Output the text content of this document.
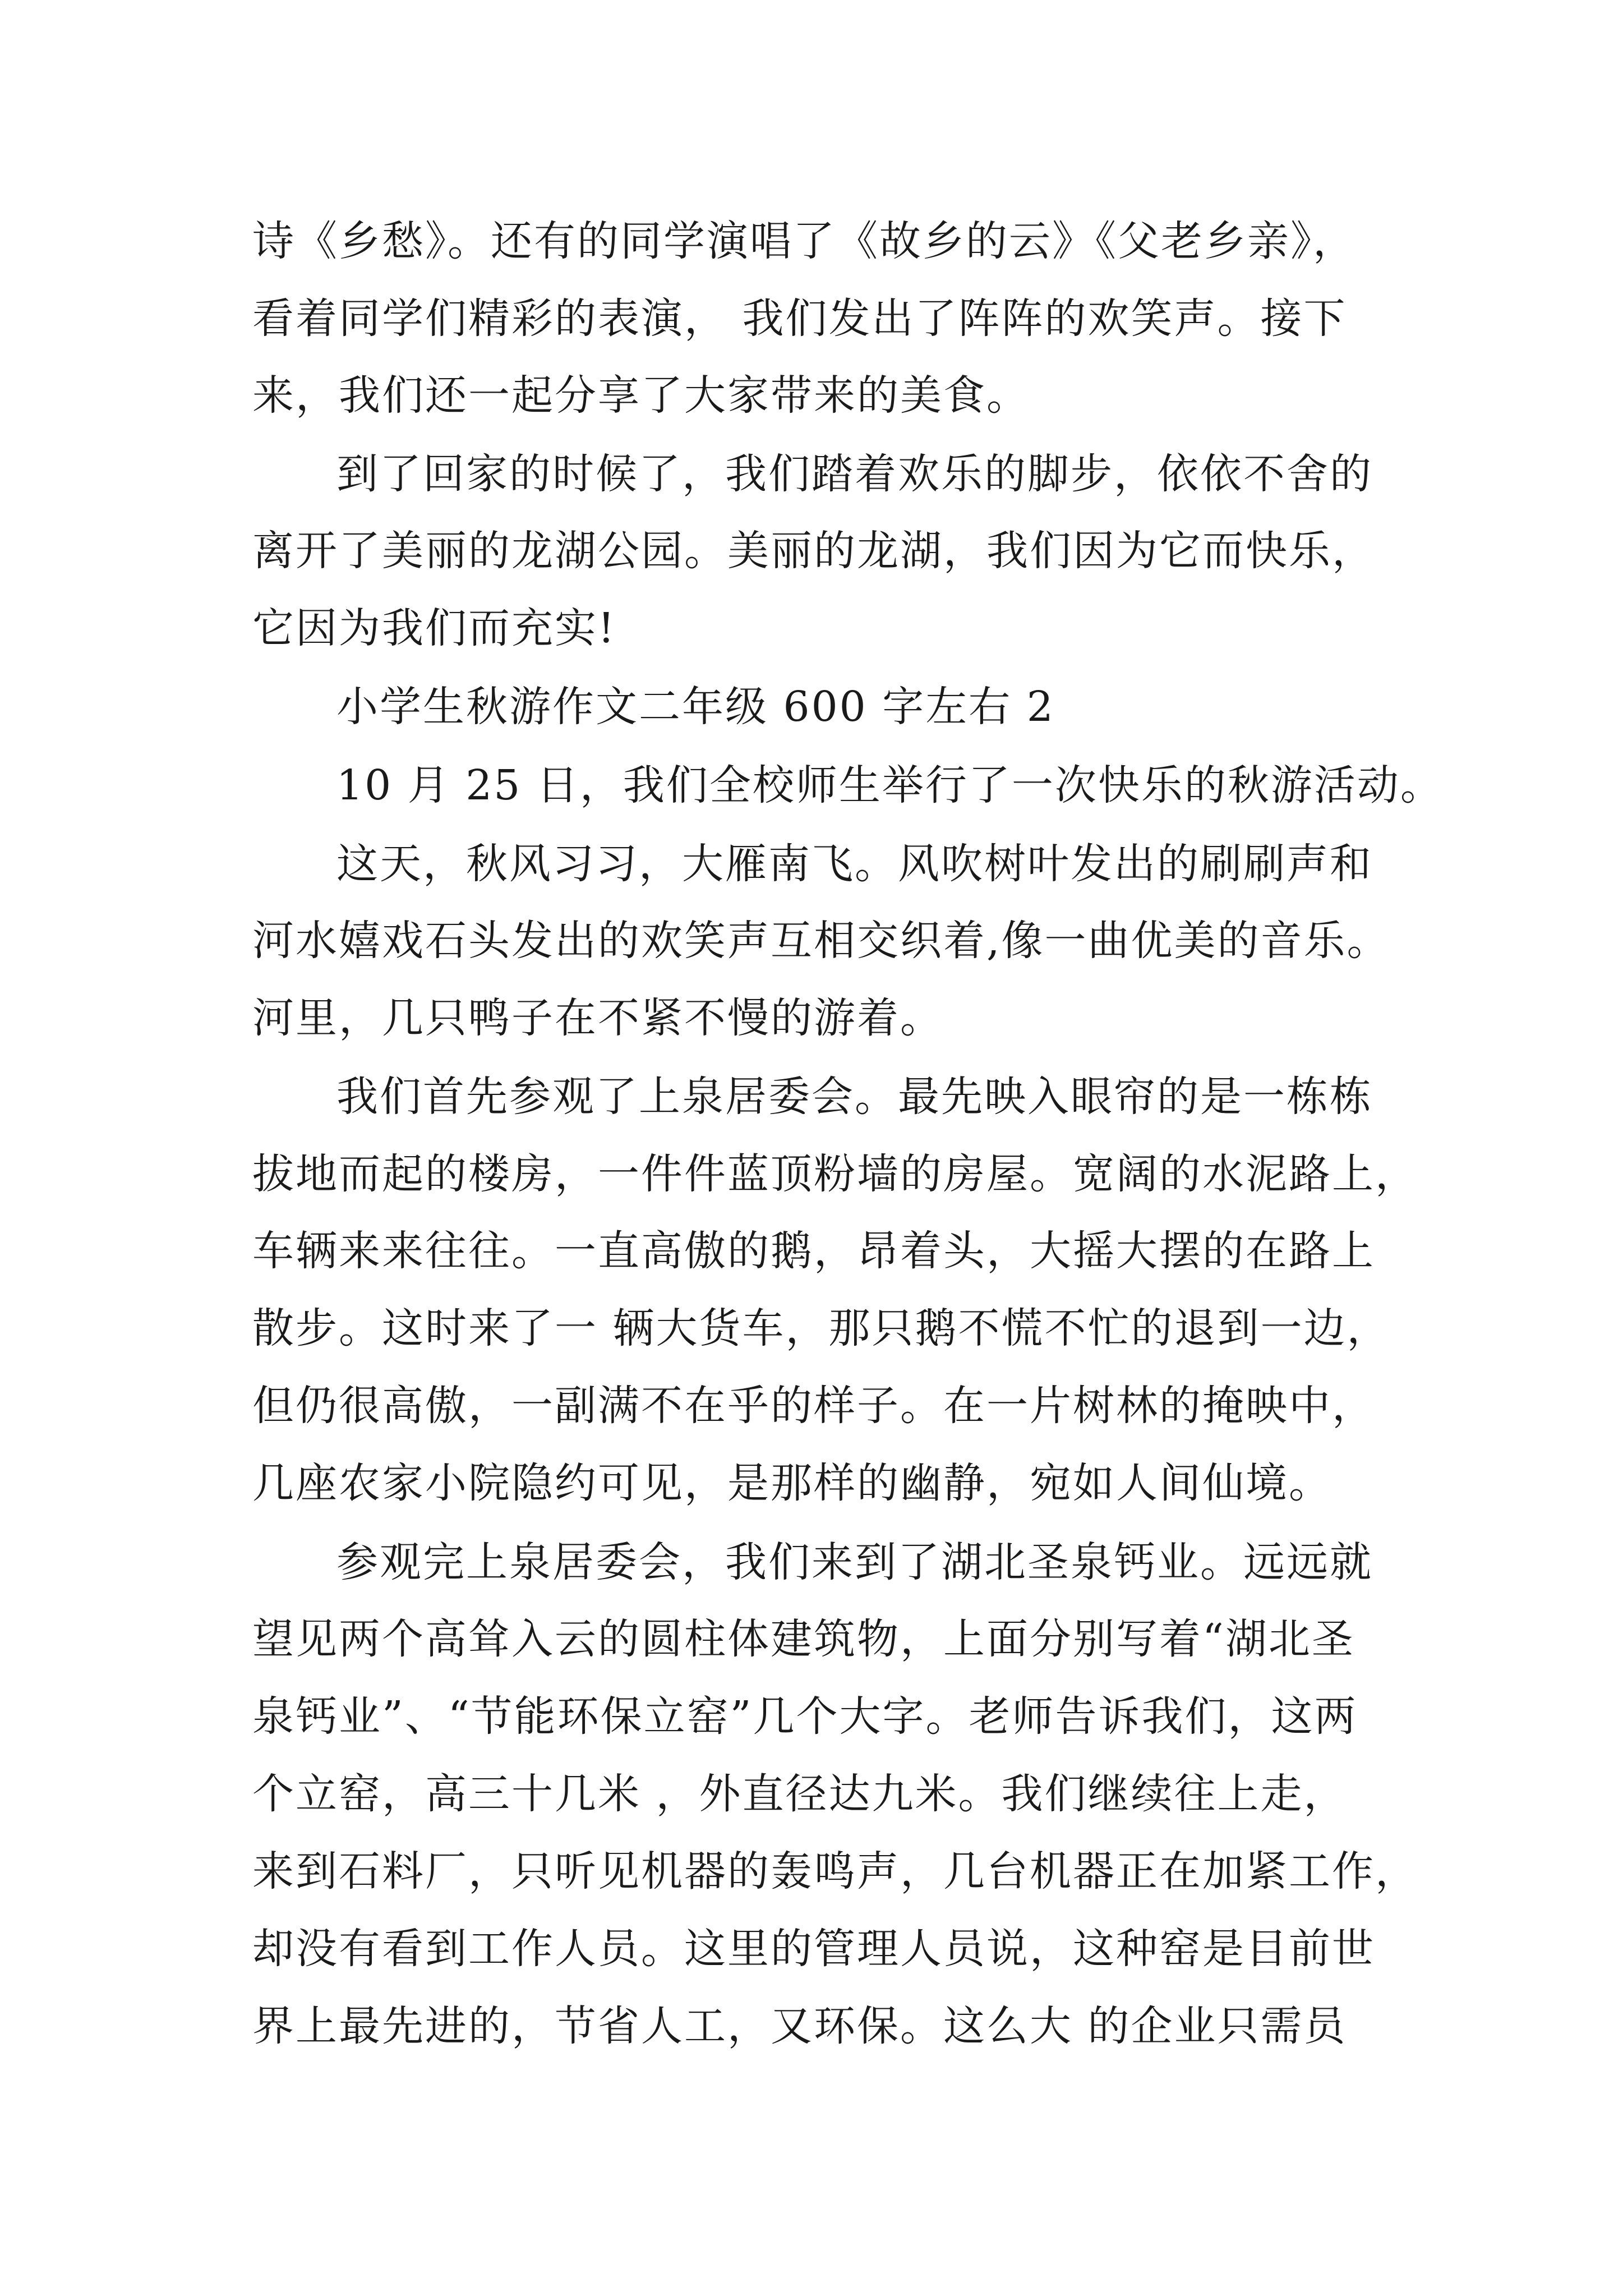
诗《乡愁》。还有的同学演唱了《故乡的云》《父老乡亲》，
看着同学们精彩的表演， 我们发出了阵阵的欢笑声。接下
来，我们还一起分享了大家带来的美食。
到了回家的时候了，我们踏着欢乐的脚步，依依不舍的
离开了美丽的龙湖公园。美丽的龙湖，我们因为它而快乐，
它因为我们而充实!
小学生秋游作文二年级 600 字左右 2
10 月 25 日，我们全校师生举行了一次快乐的秋游活动。
这天，秋风习习，大雁南飞。风吹树叶发出的刷刷声和
河水嬉戏石头发出的欢笑声互相交织着,像一曲优美的音乐。
河里，几只鸭子在不紧不慢的游着。
我们首先参观了上泉居委会。最先映入眼帘的是一栋栋
拔地而起的楼房，一件件蓝顶粉墙的房屋。宽阔的水泥路上，
车辆来来往往。一直高傲的鹅，昂着头，大摇大摆的在路上
散步。这时来了一 辆大货车，那只鹅不慌不忙的退到一边，
但仍很高傲，一副满不在乎的样子。在一片树林的掩映中，
几座农家小院隐约可见，是那样的幽静，宛如人间仙境。
参观完上泉居委会，我们来到了湖北圣泉钙业。远远就
望见两个高耸入云的圆柱体建筑物，上面分别写着“湖北圣
泉钙业”、“节能环保立窑”几个大字。老师告诉我们，这两
个立窑，高三十几米 ，外直径达九米。我们继续往上走，
来到石料厂，只听见机器的轰鸣声，几台机器正在加紧工作，
却没有看到工作人员。这里的管理人员说，这种窑是目前世
界上最先进的，节省人工，又环保。这么大 的企业只需员
